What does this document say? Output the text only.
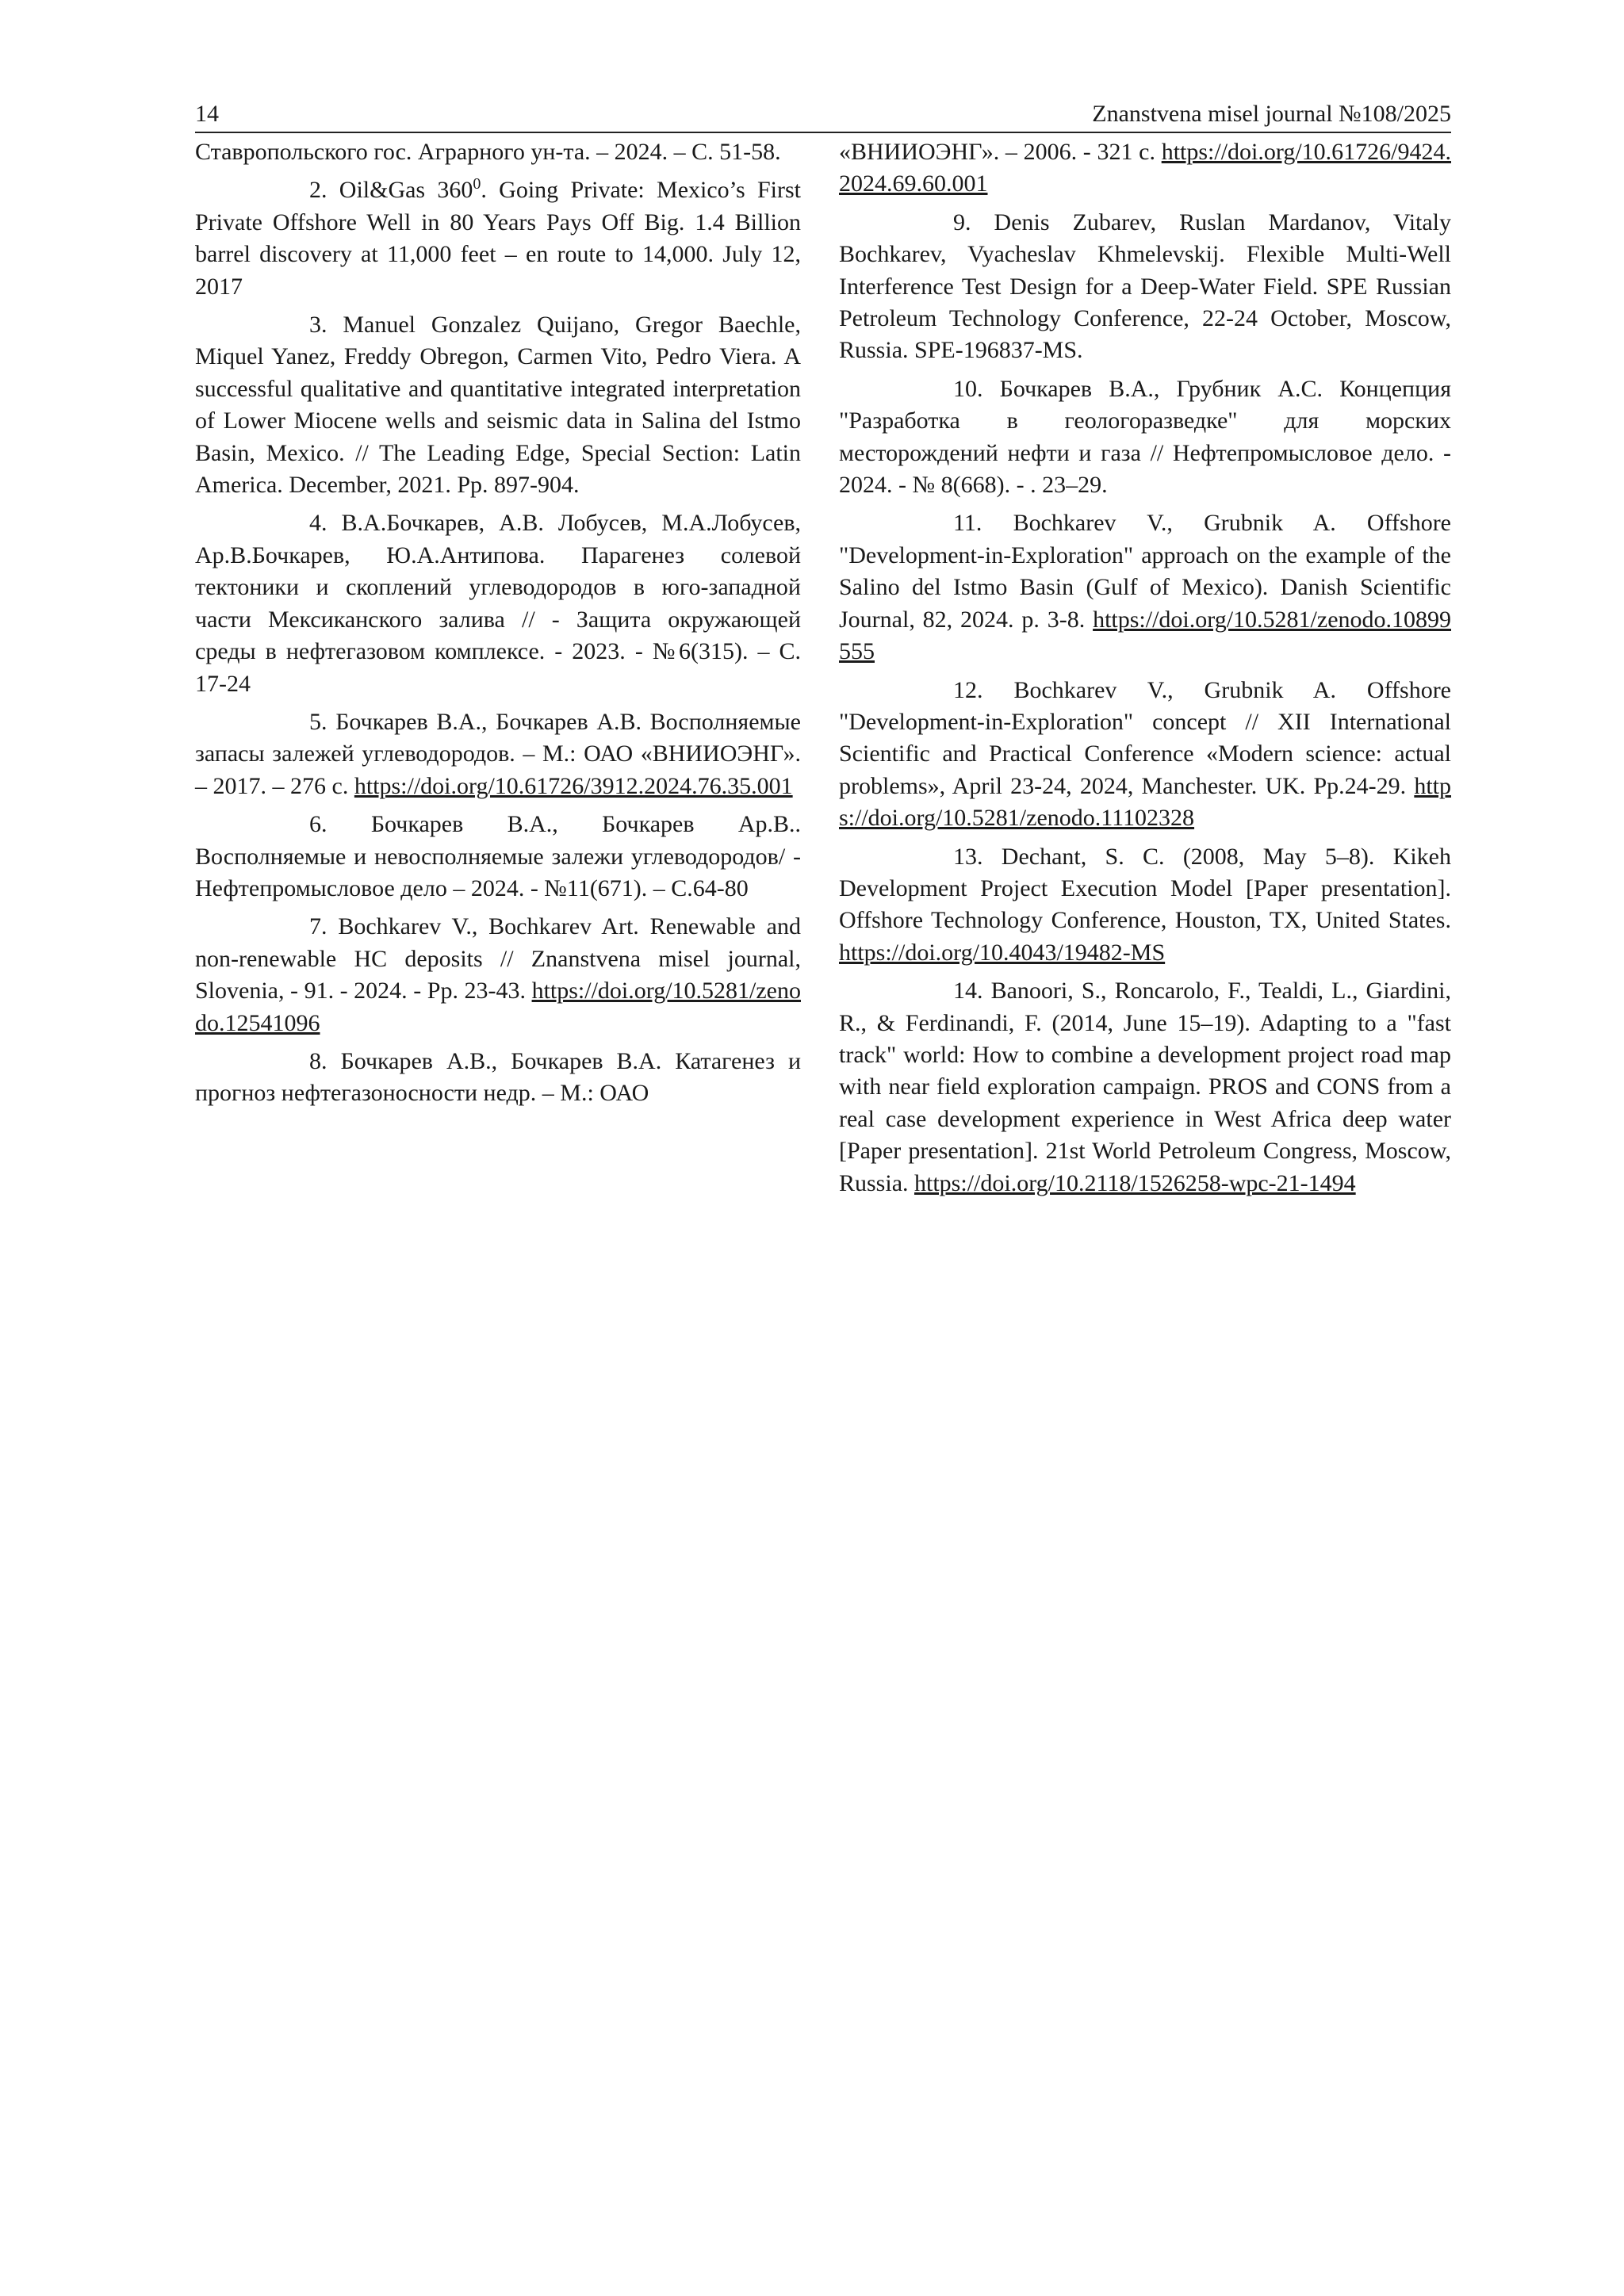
14	Znanstvena misel journal №108/2025

Ставропольского гос. Аграрного ун-та. – 2024. – С. 51-58.

2. Oil&Gas $360^0$. Going Private: Mexico’s First Private Offshore Well in 80 Years Pays Off Big. 1.4 Billion barrel discovery at 11,000 feet – en route to 14,000. July 12, 2017

3. Manuel Gonzalez Quijano, Gregor Baechle, Miquel Yanez, Freddy Obregon, Carmen Vito, Pedro Viera. A successful qualitative and quantitative integrated interpretation of Lower Miocene wells and seismic data in Salina del Istmo Basin, Mexico. // The Leading Edge, Special Section: Latin America. December, 2021. Pp. 897-904.

4. В.А.Бочкарев, А.В. Лобусев, М.А.Лобусев, Ар.В.Бочкарев, Ю.А.Антипова. Парагенез солевой тектоники и скоплений углеводородов в юго-западной части Мексиканского залива // - Защита окружающей среды в нефтегазовом комплексе. - 2023. - №6(315). – С. 17-24

5. Бочкарев В.А., Бочкарев А.В. Восполняемые запасы залежей углеводородов. – М.: ОАО «ВНИИОЭНГ». – 2017. – 276 с. https://doi.org/10.61726/3912.2024.76.35.001

6. Бочкарев В.А., Бочкарев Ар.В.. Восполняемые и невосполняемые залежи углеводородов/ - Нефтепромысловое дело – 2024. - №11(671). – С.64-80

7. Bochkarev V., Bochkarev Art. Renewable and non-renewable HC deposits // Znanstvena misel journal, Slovenia, - 91. - 2024. - Pp. 23-43. https://doi.org/10.5281/zenodo.12541096

8. Бочкарев А.В., Бочкарев В.А. Катагенез и прогноз нефтегазоносности недр. – М.: ОАО

«ВНИИОЭНГ». – 2006. - 321 с. https://doi.org/10.61726/9424.2024.69.60.001

9. Denis Zubarev, Ruslan Mardanov, Vitaly Bochkarev, Vyacheslav Khmelevskij. Flexible Multi-Well Interference Test Design for a Deep-Water Field. SPE Russian Petroleum Technology Conference, 22-24 October, Moscow, Russia. SPE-196837-MS.

10. Бочкарев В.А., Грубник А.С. Концепция "Разработка в геологоразведке" для морских месторождений нефти и газа // Нефтепромысловое дело. - 2024. - № 8(668). - . 23–29.

11. Bochkarev V., Grubnik A. Offshore "Development-in-Exploration" approach on the example of the Salino del Istmo Basin (Gulf of Mexico). Danish Scientific Journal, 82, 2024. p. 3-8. https://doi.org/10.5281/zenodo.10899555

12. Bochkarev V., Grubnik A. Offshore "Development-in-Exploration" concept // XII International Scientific and Practical Conference «Modern science: actual problems», April 23-24, 2024, Manchester. UK. Pp.24-29. https://doi.org/10.5281/zenodo.11102328

13. Dechant, S. C. (2008, May 5–8). Kikeh Development Project Execution Model [Paper presentation]. Offshore Technology Conference, Houston, TX, United States. https://doi.org/10.4043/19482-MS

14. Banoori, S., Roncarolo, F., Tealdi, L., Giardini, R., & Ferdinandi, F. (2014, June 15–19). Adapting to a "fast track" world: How to combine a development project road map with near field exploration campaign. PROS and CONS from a real case development experience in West Africa deep water [Paper presentation]. 21st World Petroleum Congress, Moscow, Russia. https://doi.org/10.2118/1526258-wpc-21-1494
